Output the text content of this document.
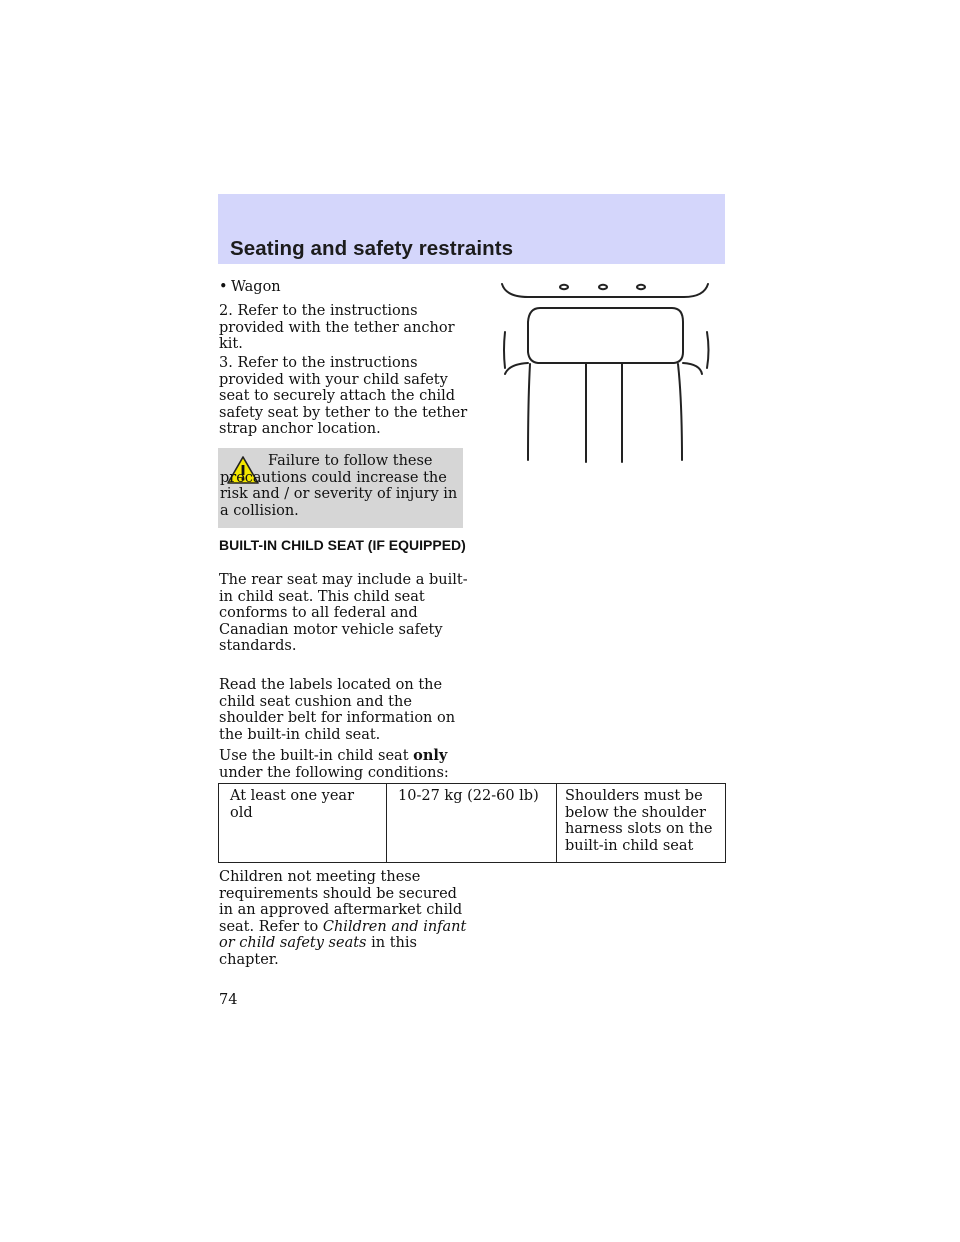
Seating and safety restraints
• Wagon

2. Refer to the instructions provided with the tether anchor kit.

3. Refer to the instructions provided with your child safety seat to securely attach the child safety seat by tether to the tether strap anchor location.

Failure to follow these precautions could increase the risk and / or severity of injury in a collision.
BUILT-IN CHILD SEAT (IF EQUIPPED)

The rear seat may include a built-in child seat. This child seat conforms to all federal and Canadian motor vehicle safety standards.

Read the labels located on the child seat cushion and the shoulder belt for information on the built-in child seat.

Use the built-in child seat only under the following conditions:

At least one year old	10-27 kg (22-60 lb)	Shoulders must be below the shoulder harness slots on the built-in child seat

Children not meeting these requirements should be secured in an approved aftermarket child seat. Refer to Children and infant or child safety seats in this chapter.

74
